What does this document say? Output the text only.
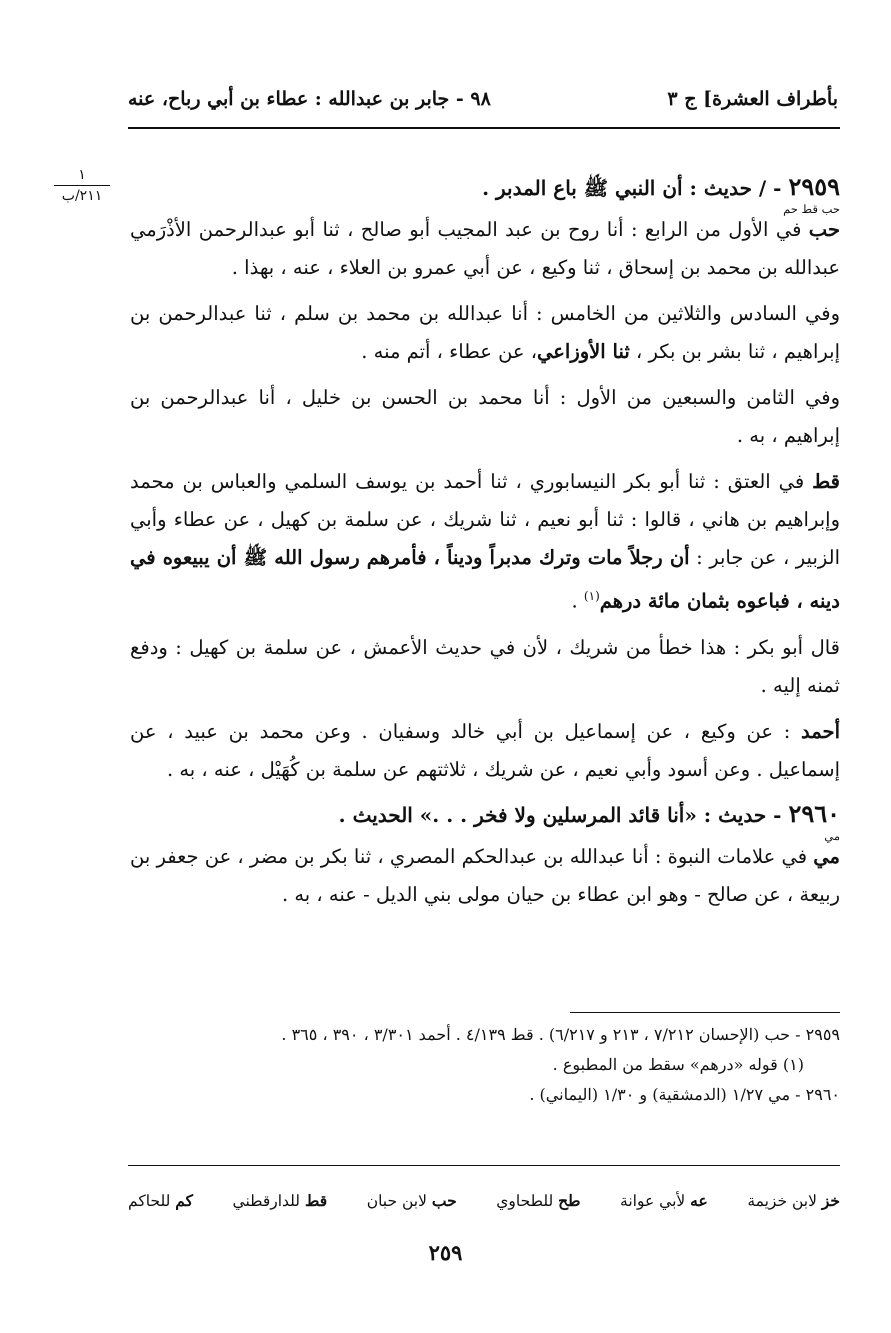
بأطراف العشرة] ج ٣
٩٨ - جابر بن عبدالله : عطاء بن أبي رباح، عنه
١
٢١١/ب	٢٩٥٩ - / حديث : أن النبي ﷺ باع المدبر .
حب قط حم

حب في الأول من الرابع : أنا روح بن عبد المجيب أبو صالح ، ثنا أبو عبدالرحمن الأذْرَمي عبدالله بن محمد بن إسحاق ، ثنا وكيع ، عن أبي عمرو بن العلاء ، عنه ، بهذا .

وفي السادس والثلاثين من الخامس : أنا عبدالله بن محمد بن سلم ، ثنا عبدالرحمن بن إبراهيم ، ثنا بشر بن بكر ، ثنا الأوزاعي، عن عطاء ، أتم منه .

وفي الثامن والسبعين من الأول : أنا محمد بن الحسن بن خليل ، أنا عبدالرحمن بن إبراهيم ، به .

قط في العتق : ثنا أبو بكر النيسابوري ، ثنا أحمد بن يوسف السلمي والعباس بن محمد وإبراهيم بن هاني ، قالوا : ثنا أبو نعيم ، ثنا شريك ، عن سلمة بن كهيل ، عن عطاء وأبي الزبير ، عن جابر : أن رجلاً مات وترك مدبراً وديناً ، فأمرهم رسول الله ﷺ أن يبيعوه في دينه ، فباعوه بثمان مائة درهم$^{(١)}$ .

قال أبو بكر : هذا خطأ من شريك ، لأن في حديث الأعمش ، عن سلمة بن كهيل : ودفع ثمنه إليه .

أحمد : عن وكيع ، عن إسماعيل بن أبي خالد وسفيان . وعن محمد بن عبيد ، عن إسماعيل . وعن أسود وأبي نعيم ، عن شريك ، ثلاثتهم عن سلمة بن كُهَيْل ، عنه ، به .

٢٩٦٠ - حديث : «أنا قائد المرسلين ولا فخر . . .» الحديث .
مي

مي في علامات النبوة : أنا عبدالله بن عبدالحكم المصري ، ثنا بكر بن مضر ، عن جعفر بن ربيعة ، عن صالح - وهو ابن عطاء بن حيان مولى بني الديل - عنه ، به .

٢٩٥٩ - حب (الإحسان ٧/٢١٢ ، ٢١٣ و ٦/٢١٧) . قط ٤/١٣٩ . أحمد ٣/٣٠١ ، ٣٩٠ ، ٣٦٥ .

(١) قوله «درهم» سقط من المطبوع .

٢٩٦٠ - مي ١/٢٧ (الدمشقية) و ١/٣٠ (اليماني) .

خز لابن خزيمة
عه لأبي عوانة
طح للطحاوي
حب لابن حبان
قط للدارقطني
كم للحاكم
٢٥٩
